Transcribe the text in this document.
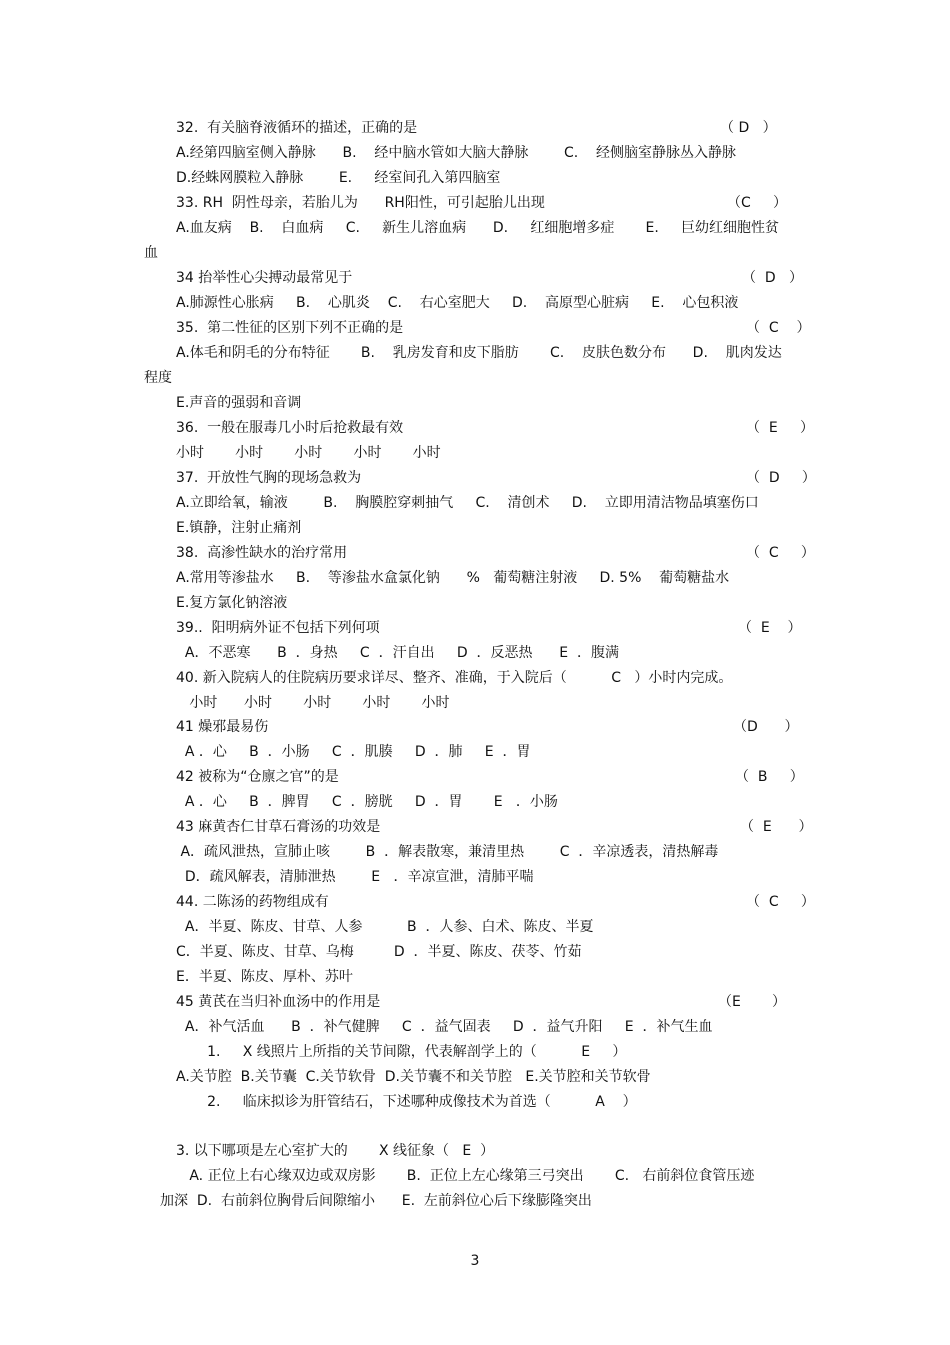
32.  有关脑脊液循环的描述，正确的是	（ D   ）
A.经第四脑室侧入静脉      B.    经中脑水管如大脑大静脉        C.    经侧脑室静脉丛入静脉
D.经蛛网膜粒入静脉        E.     经室间孔入第四脑室
33. RH  阴性母亲，若胎儿为      RH阳性，可引起胎儿出现	（C     ）
A.血友病    B.    白血病     C.     新生儿溶血病      D.     红细胞增多症       E.     巨幼红细胞性贫
血
34 抬举性心尖搏动最常见于	（  D   ）
A.肺源性心胀病     B.    心肌炎    C.    右心室肥大     D.    高原型心脏病     E.    心包积液
35.  第二性征的区别下列不正确的是	（  C    ）
A.体毛和阴毛的分布特征       B.    乳房发育和皮下脂肪       C.    皮肤色数分布      D.    肌肉发达
程度
E.声音的强弱和音调
36.  一般在服毒几小时后抢救最有效	（  E     ）
小时       小时       小时       小时       小时
37.  开放性气胸的现场急救为	（  D     ）
A.立即给氧，输液        B.    胸膜腔穿刺抽气     C.    清创术     D.    立即用清洁物品填塞伤口
E.镇静，注射止痛剂
38.  高渗性缺水的治疗常用	（  C     ）
A.常用等渗盐水     B.    等渗盐水盒氯化钠      %   葡萄糖注射液     D. 5%    葡萄糖盐水
E.复方氯化钠溶液
39..  阳明病外证不包括下列何项	（  E    ）
A．不恶寒      B  ．身热     C  ．汗自出     D  ．反恶热      E  ．腹满
40. 新入院病人的住院病历要求详尽、整齐、准确，于入院后（          C   ）小时内完成。
小时      小时       小时       小时       小时
41 燥邪最易伤	（D      ）
A ．心     B  ．小肠     C  ．肌腠     D  ．肺     E  ．胃
42 被称为“仓廪之官”的是	（  B     ）
A ．心     B  ．脾胃     C  ．膀胱     D  ．胃       E   ．小肠
43 麻黄杏仁甘草石膏汤的功效是	（  E      ）
A．疏风泄热，宣肺止咳        B  ．解表散寒，兼清里热        C  ．辛凉透表，清热解毒
D．疏风解表，清肺泄热        E   ．辛凉宣泄，清肺平喘
44. 二陈汤的药物组成有	（  C     ）
A．半夏、陈皮、甘草、人参          B  ．人参、白术、陈皮、半夏
C．半夏、陈皮、甘草、乌梅         D  ．半夏、陈皮、茯苓、竹茹
E．半夏、陈皮、厚朴、苏叶
45 黄芪在当归补血汤中的作用是	（E       ）
A．补气活血      B  ．补气健脾     C  ．益气固表     D  ．益气升阳     E  ．补气生血
1.     X 线照片上所指的关节间隙，代表解剖学上的（          E     ）
A.关节腔  B.关节囊  C.关节软骨  D.关节囊不和关节腔   E.关节腔和关节软骨
2.     临床拟诊为肝管结石，下述哪种成像技术为首选（          A    ）
3. 以下哪项是左心室扩大的       X 线征象（   E  ）
A. 正位上右心缘双边或双房影       B.  正位上左心缘第三弓突出       C.   右前斜位食管压迹
加深  D.  右前斜位胸骨后间隙缩小      E.  左前斜位心后下缘膨隆突出
3
